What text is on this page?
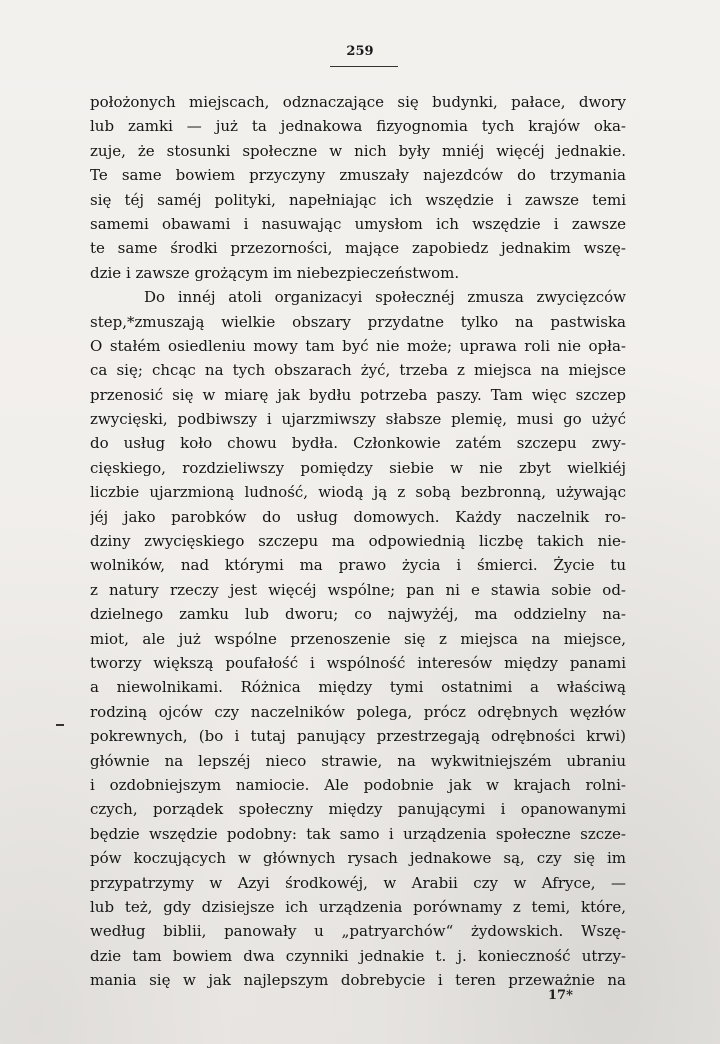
259
położonych miejscach, odznaczające się budynki, pałace, dwory
lub zamki — już ta jednakowa fizyognomia tych krajów oka-
zuje, że stosunki społeczne w nich były mniéj więcéj jednakie.
Te same bowiem przyczyny zmuszały najezdców do trzymania
się téj saméj polityki, napełniając ich wszędzie i zawsze temi
samemi obawami i nasuwając umysłom ich wszędzie i zawsze
te same środki przezorności, mające zapobiedz jednakim wszę-
dzie i zawsze grożącym im niebezpieczeństwom.
Do innéj atoli organizacyi społecznéj zmusza zwycięzców
step,*zmuszają wielkie obszary przydatne tylko na pastwiska
O stałém osiedleniu mowy tam być nie może; uprawa roli nie opła-
ca się; chcąc na tych obszarach żyć, trzeba z miejsca na miejsce
przenosić się w miarę jak bydłu potrzeba paszy. Tam więc szczep
zwycięski, podbiwszy i ujarzmiwszy słabsze plemię, musi go użyć
do usług koło chowu bydła. Członkowie zatém szczepu zwy-
cięskiego, rozdzieliwszy pomiędzy siebie w nie zbyt wielkiéj
liczbie ujarzmioną ludność, wiodą ją z sobą bezbronną, używając
jéj jako parobków do usług domowych. Każdy naczelnik ro-
dziny zwycięskiego szczepu ma odpowiednią liczbę takich nie-
wolników, nad którymi ma prawo życia i śmierci. Życie tu
z natury rzeczy jest więcéj wspólne; pan ni e stawia sobie od-
dzielnego zamku lub dworu; co najwyżéj, ma oddzielny na-
miot, ale już wspólne przenoszenie się z miejsca na miejsce,
tworzy większą poufałość i wspólność interesów między panami
a niewolnikami. Różnica między tymi ostatnimi a właściwą
rodziną ojców czy naczelników polega, prócz odrębnych węzłów
pokrewnych, (bo i tutaj panujący przestrzegają odrębności krwi)
głównie na lepszéj nieco strawie, na wykwitniejszém ubraniu
i ozdobniejszym namiocie. Ale podobnie jak w krajach rolni-
czych, porządek społeczny między panującymi i opanowanymi
będzie wszędzie podobny: tak samo i urządzenia społeczne szcze-
pów koczujących w głównych rysach jednakowe są, czy się im
przypatrzymy w Azyi środkowéj, w Arabii czy w Afryce, —
lub też, gdy dzisiejsze ich urządzenia porównamy z temi, które,
według biblii, panowały u „patryarchów“ żydowskich. Wszę-
dzie tam bowiem dwa czynniki jednakie t. j. konieczność utrzy-
mania się w jak najlepszym dobrebycie i teren przeważnie na
17*
